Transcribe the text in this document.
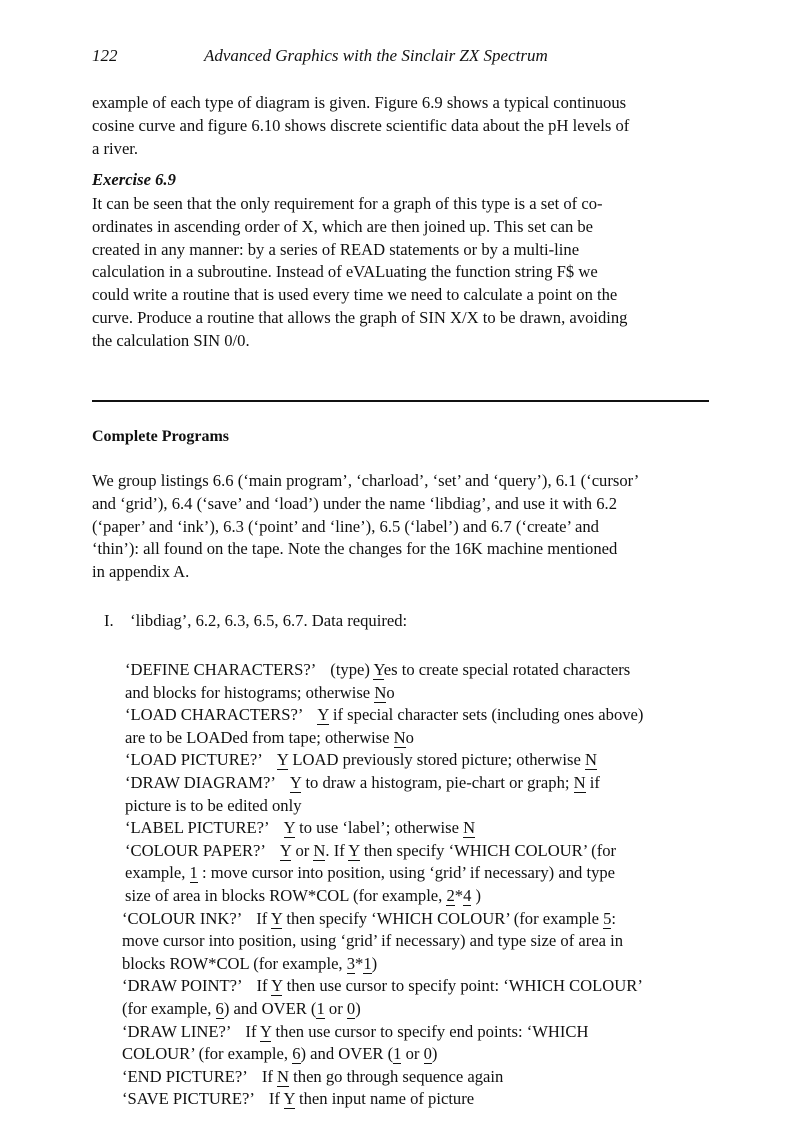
122	Advanced Graphics with the Sinclair ZX Spectrum
example of each type of diagram is given. Figure 6.9 shows a typical continuous
cosine curve and figure 6.10 shows discrete scientific data about the pH levels of
a river.
Exercise 6.9
It can be seen that the only requirement for a graph of this type is a set of co-
ordinates in ascending order of X, which are then joined up. This set can be
created in any manner: by a series of READ statements or by a multi-line
calculation in a subroutine. Instead of eVALuating the function string F$ we
could write a routine that is used every time we need to calculate a point on the
curve. Produce a routine that allows the graph of SIN X/X to be drawn, avoiding
the calculation SIN 0/0.
Complete Programs
We group listings 6.6 (‘main program’, ‘charload’, ‘set’ and ‘query’), 6.1 (‘cursor’
and ‘grid’), 6.4 (‘save’ and ‘load’) under the name ‘libdiag’, and use it with 6.2
(‘paper’ and ‘ink’), 6.3 (‘point’ and ‘line’), 6.5 (‘label’) and 6.7 (‘create’ and
‘thin’): all found on the tape. Note the changes for the 16K machine mentioned
in appendix A.
I. ‘libdiag’, 6.2, 6.3, 6.5, 6.7. Data required:
‘DEFINE CHARACTERS?’ (type) Yes to create special rotated characters
and blocks for histograms; otherwise No
‘LOAD CHARACTERS?’ Y if special character sets (including ones above)
are to be LOADed from tape; otherwise No
‘LOAD PICTURE?’ Y LOAD previously stored picture; otherwise N
‘DRAW DIAGRAM?’ Y to draw a histogram, pie-chart or graph; N if
picture is to be edited only
‘LABEL PICTURE?’ Y to use ‘label’; otherwise N
‘COLOUR PAPER?’ Y or N. If Y then specify ‘WHICH COLOUR’ (for
example, 1 : move cursor into position, using ‘grid’ if necessary) and type
size of area in blocks ROW*COL (for example, 2*4 )
‘COLOUR INK?’ If Y then specify ‘WHICH COLOUR’ (for example 5:
move cursor into position, using ‘grid’ if necessary) and type size of area in
blocks ROW*COL (for example, 3*1)
‘DRAW POINT?’ If Y then use cursor to specify point: ‘WHICH COLOUR’
(for example, 6) and OVER (1 or 0)
‘DRAW LINE?’ If Y then use cursor to specify end points: ‘WHICH
COLOUR’ (for example, 6) and OVER (1 or 0)
‘END PICTURE?’ If N then go through sequence again
‘SAVE PICTURE?’ If Y then input name of picture
